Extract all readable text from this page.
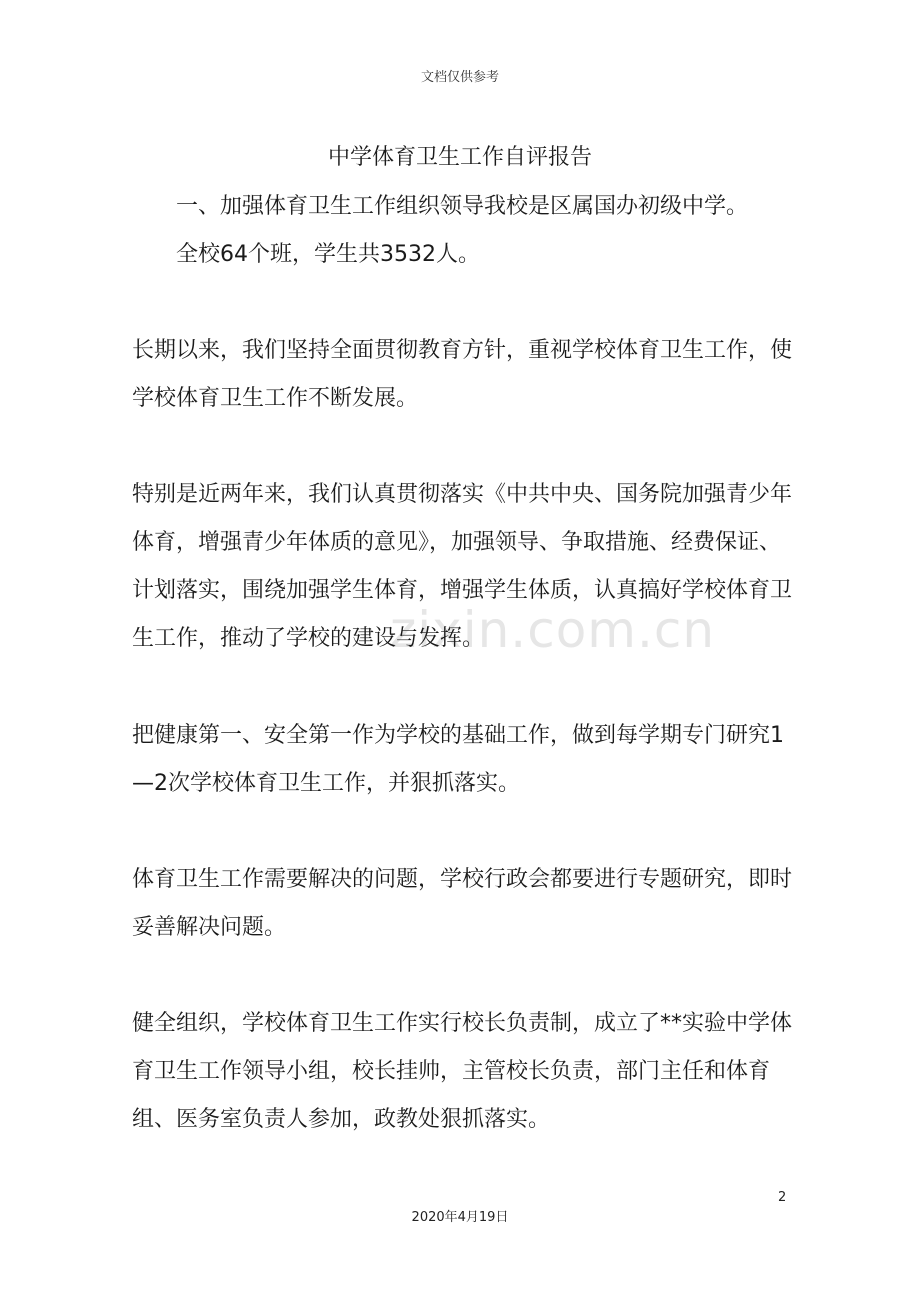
文档仅供参考
zixin.com.cn
中学体育卫生工作自评报告
一、加强体育卫生工作组织领导我校是区属国办初级中学。
全校64个班，学生共3532人。

长期以来，我们坚持全面贯彻教育方针，重视学校体育卫生工作，使学校体育卫生工作不断发展。

特别是近两年来，我们认真贯彻落实《中共中央、国务院加强青少年体育，增强青少年体质的意见》，加强领导、争取措施、经费保证、计划落实，围绕加强学生体育，增强学生体质，认真搞好学校体育卫生工作，推动了学校的建设与发挥。

把健康第一、安全第一作为学校的基础工作，做到每学期专门研究1—2次学校体育卫生工作，并狠抓落实。

体育卫生工作需要解决的问题，学校行政会都要进行专题研究，即时妥善解决问题。

健全组织，学校体育卫生工作实行校长负责制，成立了**实验中学体育卫生工作领导小组，校长挂帅，主管校长负责，部门主任和体育组、医务室负责人参加，政教处狠抓落实。

2
2020年4月19日
